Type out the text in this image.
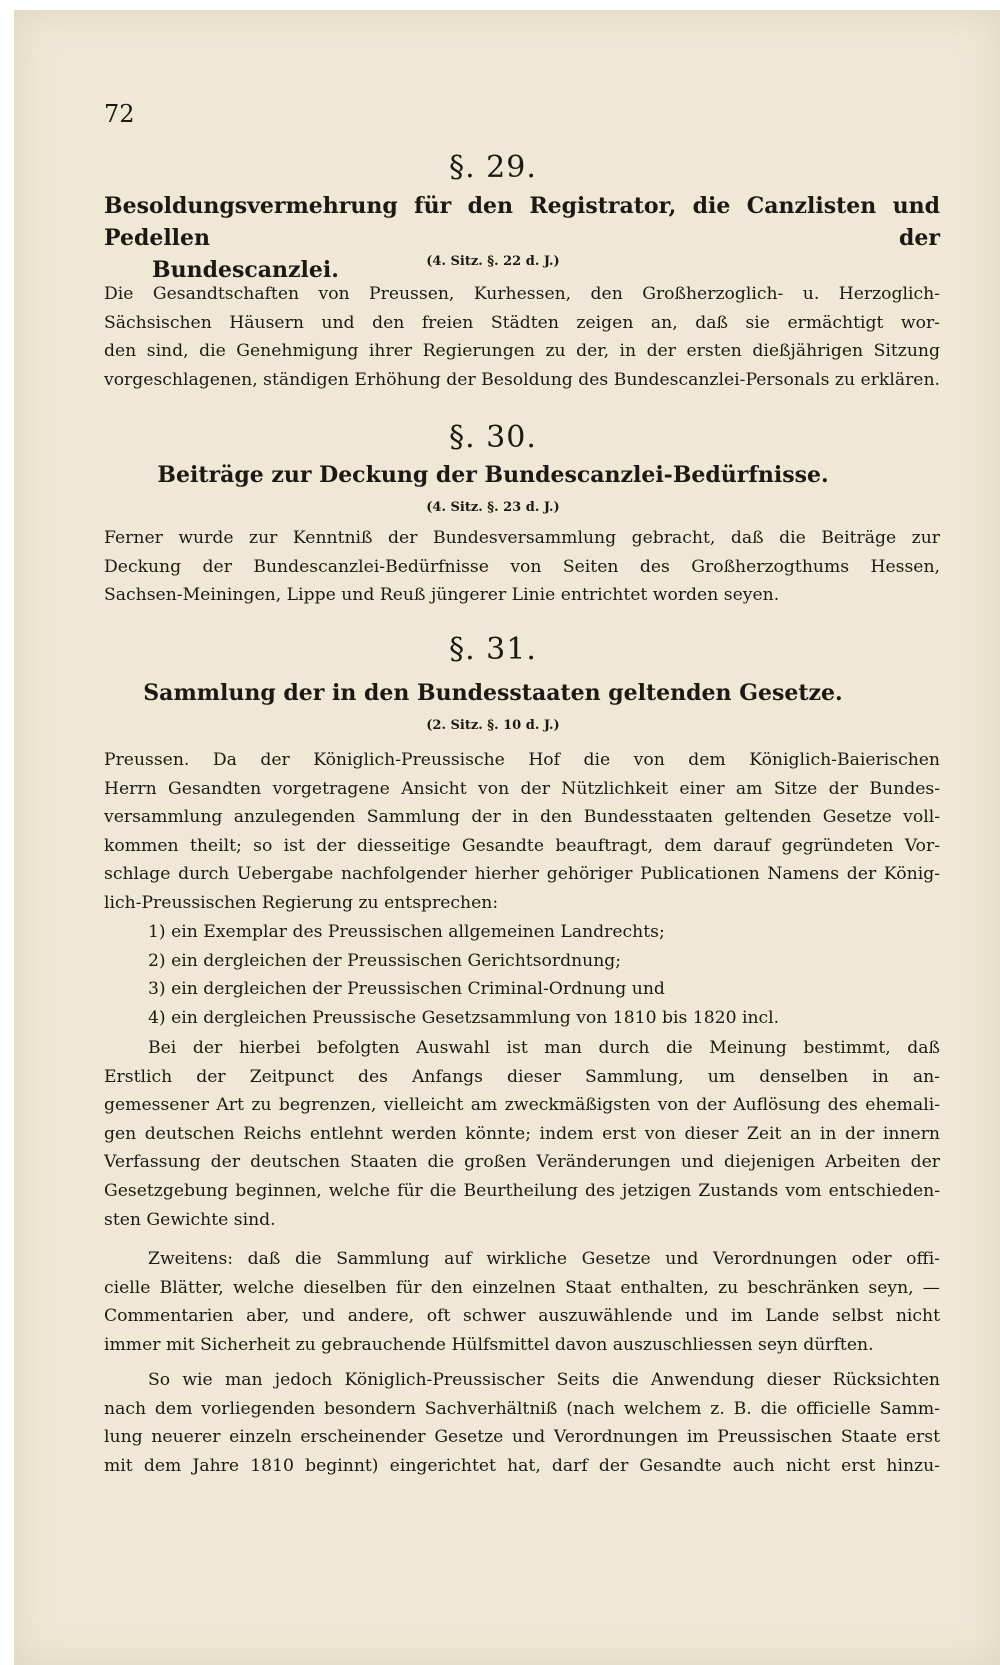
72
§. 29.
Besoldungsvermehrung für den Registrator, die Canzlisten und Pedellen der
Bundescanzlei.	(4. Sitz. §. 22 d. J.)
Die Gesandtschaften von Preussen, Kurhessen, den Großherzoglich- u. Herzoglich-
Sächsischen Häusern und den freien Städten zeigen an, daß sie ermächtigt wor-
den sind, die Genehmigung ihrer Regierungen zu der, in der ersten dießjährigen Sitzung
vorgeschlagenen, ständigen Erhöhung der Besoldung des Bundescanzlei-Personals zu erklären.
§. 30.
Beiträge zur Deckung der Bundescanzlei-Bedürfnisse.
(4. Sitz. §. 23 d. J.)
Ferner wurde zur Kenntniß der Bundesversammlung gebracht, daß die Beiträge zur
Deckung der Bundescanzlei-Bedürfnisse von Seiten des Großherzogthums Hessen,
Sachsen-Meiningen, Lippe und Reuß jüngerer Linie entrichtet worden seyen.
§. 31.
Sammlung der in den Bundesstaaten geltenden Gesetze.
(2. Sitz. §. 10 d. J.)
Preussen. Da der Königlich-Preussische Hof die von dem Königlich-Baierischen
Herrn Gesandten vorgetragene Ansicht von der Nützlichkeit einer am Sitze der Bundes-
versammlung anzulegenden Sammlung der in den Bundesstaaten geltenden Gesetze voll-
kommen theilt; so ist der diesseitige Gesandte beauftragt, dem darauf gegründeten Vor-
schlage durch Uebergabe nachfolgender hierher gehöriger Publicationen Namens der König-
lich-Preussischen Regierung zu entsprechen:
1) ein Exemplar des Preussischen allgemeinen Landrechts;
2) ein dergleichen der Preussischen Gerichtsordnung;
3) ein dergleichen der Preussischen Criminal-Ordnung und
4) ein dergleichen Preussische Gesetzsammlung von 1810 bis 1820 incl.
Bei der hierbei befolgten Auswahl ist man durch die Meinung bestimmt, daß
Erstlich der Zeitpunct des Anfangs dieser Sammlung, um denselben in an-
gemessener Art zu begrenzen, vielleicht am zweckmäßigsten von der Auflösung des ehemali-
gen deutschen Reichs entlehnt werden könnte; indem erst von dieser Zeit an in der innern
Verfassung der deutschen Staaten die großen Veränderungen und diejenigen Arbeiten der
Gesetzgebung beginnen, welche für die Beurtheilung des jetzigen Zustands vom entschieden-
sten Gewichte sind.
Zweitens: daß die Sammlung auf wirkliche Gesetze und Verordnungen oder offi-
cielle Blätter, welche dieselben für den einzelnen Staat enthalten, zu beschränken seyn, —
Commentarien aber, und andere, oft schwer auszuwählende und im Lande selbst nicht
immer mit Sicherheit zu gebrauchende Hülfsmittel davon auszuschliessen seyn dürften.
So wie man jedoch Königlich-Preussischer Seits die Anwendung dieser Rücksichten
nach dem vorliegenden besondern Sachverhältniß (nach welchem z. B. die officielle Samm-
lung neuerer einzeln erscheinender Gesetze und Verordnungen im Preussischen Staate erst
mit dem Jahre 1810 beginnt) eingerichtet hat, darf der Gesandte auch nicht erst hinzu-
